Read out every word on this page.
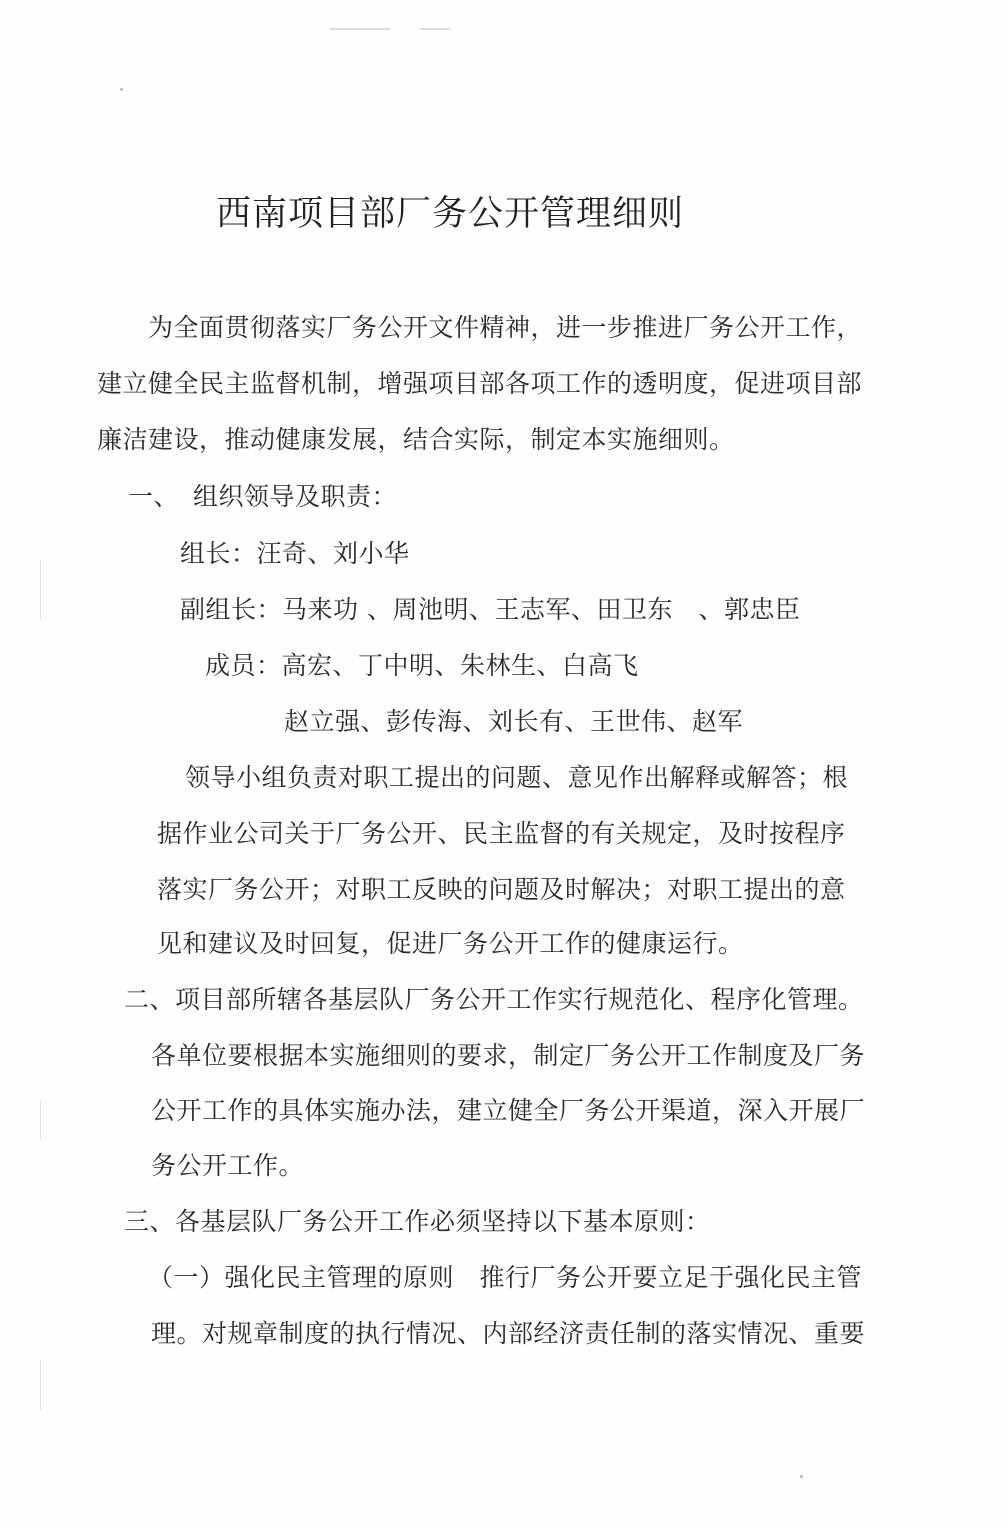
西南项目部厂务公开管理细则
为全面贯彻落实厂务公开文件精神，进一步推进厂务公开工作，
建立健全民主监督机制，增强项目部各项工作的透明度，促进项目部
廉洁建设，推动健康发展，结合实际，制定本实施细则。
一、 组织领导及职责：
组长：汪奇、刘小华
副组长：马来功 、周池明、王志军、田卫东　、郭忠臣
成员：高宏、丁中明、朱林生、白高飞
赵立强、彭传海、刘长有、王世伟、赵军
领导小组负责对职工提出的问题、意见作出解释或解答；根
据作业公司关于厂务公开、民主监督的有关规定，及时按程序
落实厂务公开；对职工反映的问题及时解决；对职工提出的意
见和建议及时回复，促进厂务公开工作的健康运行。
二、项目部所辖各基层队厂务公开工作实行规范化、程序化管理。
各单位要根据本实施细则的要求，制定厂务公开工作制度及厂务
公开工作的具体实施办法，建立健全厂务公开渠道，深入开展厂
务公开工作。
三、各基层队厂务公开工作必须坚持以下基本原则：
（一）强化民主管理的原则　推行厂务公开要立足于强化民主管
理。对规章制度的执行情况、内部经济责任制的落实情况、重要
